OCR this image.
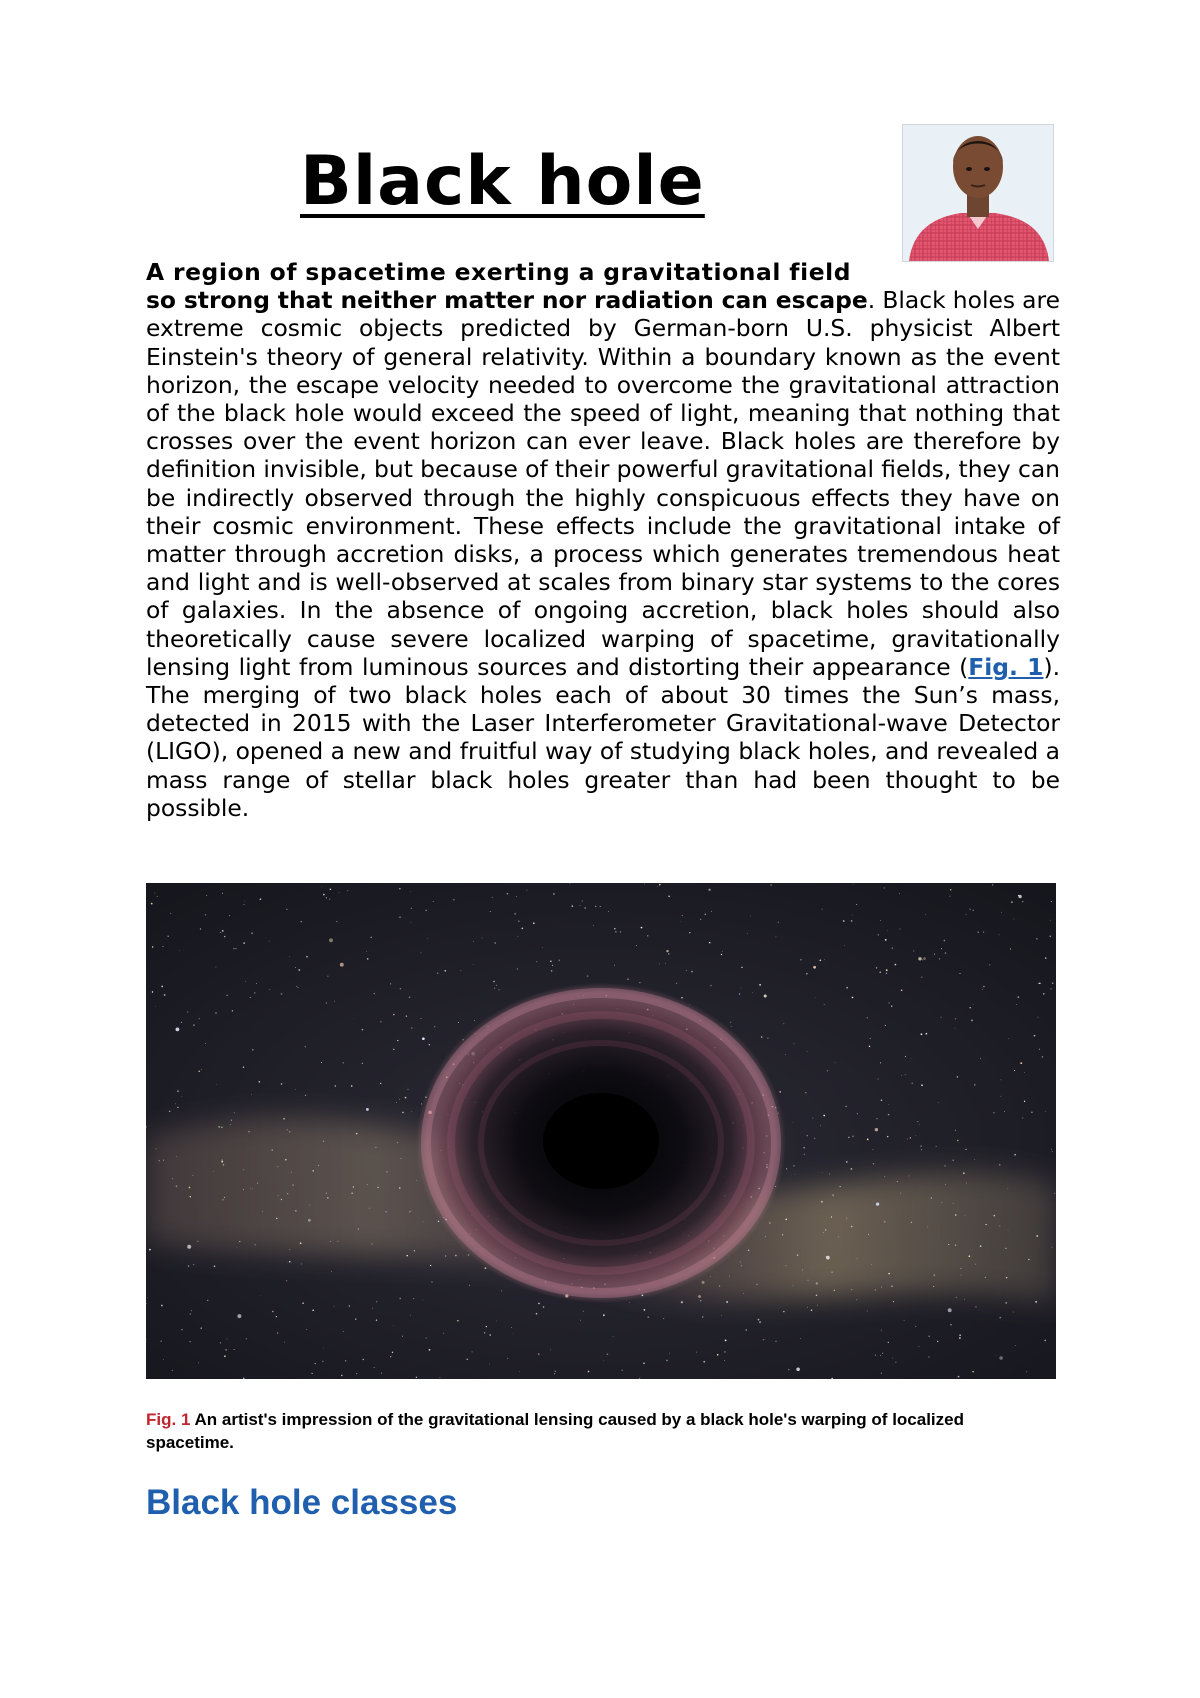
Black hole

A region of spacetime exerting a gravitational field
so strong that neither matter nor radiation can escape. Black holes are extreme cosmic objects predicted by German-born U.S. physicist Albert Einstein's theory of general relativity. Within a boundary known as the event horizon, the escape velocity needed to overcome the gravitational attraction of the black hole would exceed the speed of light, meaning that nothing that crosses over the event horizon can ever leave. Black holes are therefore by definition invisible, but because of their powerful gravitational fields, they can be indirectly observed through the highly conspicuous effects they have on their cosmic environment. These effects include the gravitational intake of matter through accretion disks, a process which generates tremendous heat and light and is well-observed at scales from binary star systems to the cores of galaxies. In the absence of ongoing accretion, black holes should also theoretically cause severe localized warping of spacetime, gravitationally lensing light from luminous sources and distorting their appearance (Fig. 1). The merging of two black holes each of about 30 times the Sun’s mass, detected in 2015 with the Laser Interferometer Gravitational-wave Detector (LIGO), opened a new and fruitful way of studying black holes, and revealed a mass range of stellar black holes greater than had been thought to be possible.

Fig. 1 An artist's impression of the gravitational lensing caused by a black hole's warping of localized spacetime.

Black hole classes
